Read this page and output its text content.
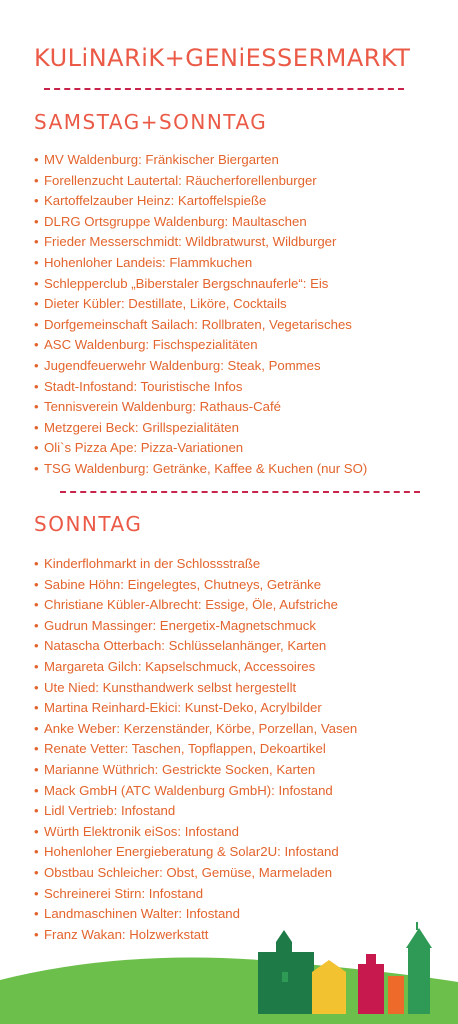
KULiNARiK+GENiESSERMARKT
SAMSTAG+SONNTAG
• MV Waldenburg: Fränkischer Biergarten
• Forellenzucht Lautertal: Räucherforellenburger
• Kartoffelzauber Heinz: Kartoffelspieße
• DLRG Ortsgruppe Waldenburg: Maultaschen
• Frieder Messerschmidt: Wildbratwurst, Wildburger
• Hohenloher Landeis: Flammkuchen
• Schlepperclub „Biberstaler Bergschnauferle“: Eis
• Dieter Kübler: Destillate, Liköre, Cocktails
• Dorfgemeinschaft Sailach: Rollbraten, Vegetarisches
• ASC Waldenburg: Fischspezialitäten
• Jugendfeuerwehr Waldenburg: Steak, Pommes
• Stadt-Infostand: Touristische Infos
• Tennisverein Waldenburg: Rathaus-Café
• Metzgerei Beck: Grillspezialitäten
• Oli`s Pizza Ape: Pizza-Variationen
• TSG Waldenburg: Getränke, Kaffee & Kuchen (nur SO)
SONNTAG
• Kinderflohmarkt in der Schlossstraße
• Sabine Höhn: Eingelegtes, Chutneys, Getränke
• Christiane Kübler-Albrecht: Essige, Öle, Aufstriche
• Gudrun Massinger: Energetix-Magnetschmuck
• Natascha Otterbach: Schlüsselanhänger, Karten
• Margareta Gilch: Kapselschmuck, Accessoires
• Ute Nied: Kunsthandwerk selbst hergestellt
• Martina Reinhard-Ekici: Kunst-Deko, Acrylbilder
• Anke Weber: Kerzenständer, Körbe, Porzellan, Vasen
• Renate Vetter: Taschen, Topflappen, Dekoartikel
• Marianne Wüthrich: Gestrickte Socken, Karten
• Mack GmbH (ATC Waldenburg GmbH): Infostand
• Lidl Vertrieb: Infostand
• Würth Elektronik eiSos: Infostand
• Hohenloher Energieberatung & Solar2U: Infostand
• Obstbau Schleicher: Obst, Gemüse, Marmeladen
• Schreinerei Stirn: Infostand
• Landmaschinen Walter: Infostand
• Franz Wakan: Holzwerkstatt
